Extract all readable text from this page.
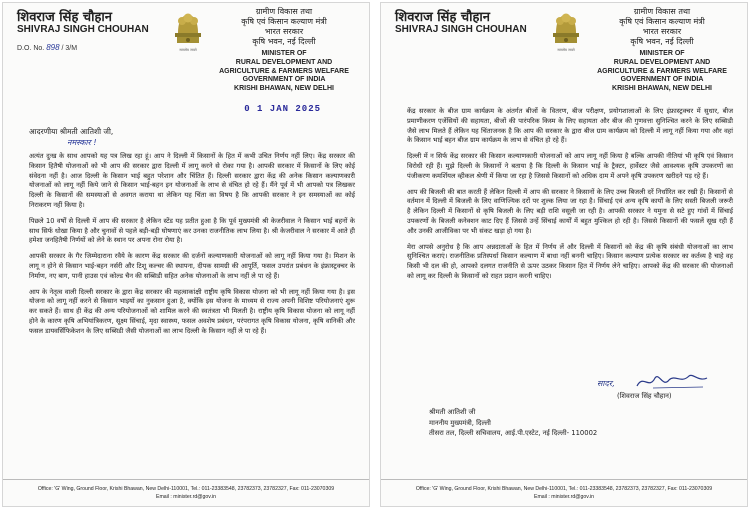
शिवराज सिंह चौहान
SHIVRAJ SINGH CHOUHAN
D.O. No. 898 / 3/M	सत्यमेव जयते
ग्रामीण विकास तथा
कृषि एवं किसान कल्याण मंत्री
भारत सरकार
कृषि भवन, नई दिल्ली
MINISTER OF
RURAL DEVELOPMENT AND
AGRICULTURE & FARMERS WELFARE
GOVERNMENT OF INDIA
KRISHI BHAWAN, NEW DELHI
0 1 JAN 2025
आदरणीया श्रीमती आतिशी जी,
नमस्कार !

अत्यंत दुःख के साथ आपको यह पत्र लिख रहा हूं। आप ने दिल्ली में किसानों के हित में कभी उचित निर्णय नहीं लिए। केंद्र सरकार की किसान हितैषी योजनाओं को भी आप की सरकार द्वारा दिल्ली में लागू करने से रोका गया है। आपकी सरकार में किसानों के लिए कोई संवेदना नहीं है। आज दिल्ली के किसान भाई बहुत परेशान और चिंतित हैं। दिल्ली सरकार द्वारा केंद्र की अनेक किसान कल्याणकारी योजनाओं को लागू नहीं किये जाने से किसान भाई-बहन इन योजनाओं के लाभ से वंचित हो रहे हैं। मैंने पूर्व में भी आपको पत्र लिखकर दिल्ली के किसानों की समस्याओं से अवगत कराया था लेकिन यह चिंता का विषय है कि आपकी सरकार ने इन समस्याओं का कोई निराकरण नहीं किया है।

पिछले 10 वर्षों से दिल्ली में आप की सरकार है लेकिन स्टेंड यह प्रतीत हुआ है कि पूर्व मुख्यमंत्री श्री केजरीवाल ने किसान भाई बहनों के साथ सिर्फ धोखा किया है और चुनावों से पहले बड़ी-बड़ी घोषणाएं कर उनका राजनीतिक लाभ लिया है। श्री केजरीवाल ने सरकार में आते ही हमेशा जनहितैषी निर्णयों को लेने के स्थान पर अपना रोना रोया है।

आपकी सरकार के गैर जिम्मेदाराना रवैये के कारण केंद्र सरकार की दर्जनों कल्याणकारी योजनाओं को लागू नहीं किया गया है। मिशन के लागू न होने से किसान भाई-बहन नर्सरी और टिशू कल्चर की स्थापना, दीपक सामग्री की आपूर्ति, फसल उपरांत प्रबंधन के इंफ्रास्ट्रक्चर के निर्माण, नए बाग, पानी हाउस एवं कोल्ड चैन की सब्सिडी सहित अनेक योजनाओं के लाभ नहीं ले पा रहे हैं।

आप के नेतृत्व वाली दिल्ली सरकार के द्वारा केंद्र सरकार की महत्वाकांक्षी राष्ट्रीय कृषि विकास योजना को भी लागू नहीं किया गया है। इस योजना को लागू नहीं करने से किसान भाइयों का नुकसान हुआ है, क्योंकि इस योजना के माध्यम से राज्य अपनी विशिष्ट परियोजनाएं शुरू कर सकते हैं। साथ ही केंद्र की अन्य परियोजनाओं को शामिल करने की स्वतंत्रता भी मिलती है। राष्ट्रीय कृषि विकास योजना को लागू नहीं होने के कारण कृषि अभियांत्रिकरण, सूक्ष्म सिंचाई, मृदा स्वास्थ्य, फसल अवशेष प्रबंधन, परंपरागत कृषि विकास योजना, कृषि वानिकी और फसल डायवर्सिफिकेशन के लिए सब्सिडी जैसी योजनाओं का लाभ दिल्ली के किसान नहीं ले पा रहे हैं।

Office: 'G' Wing, Ground Floor, Krishi Bhawan, New Delhi-110001, Tel.: 011-23383548, 23782373, 23782327, Fax: 011-23070309
Email : minister.rd@gov.in
शिवराज सिंह चौहान
SHIVRAJ SINGH CHOUHAN
सत्यमेव जयते
ग्रामीण विकास तथा
कृषि एवं किसान कल्याण मंत्री
भारत सरकार
कृषि भवन, नई दिल्ली
MINISTER OF
RURAL DEVELOPMENT AND
AGRICULTURE & FARMERS WELFARE
GOVERNMENT OF INDIA
KRISHI BHAWAN, NEW DELHI

केंद्र सरकार के बीज ग्राम कार्यक्रम के अंतर्गत बीजों के वितरण, बीज परीक्षण, प्रयोगशालाओं के लिए इंफ्रास्ट्रक्चर में सुधार, बीज प्रमाणीकरण एजेंसियों की सहायता, बीजों की पारंपरिक किस्म के लिए सहायता और बीज की गुणवत्ता सुनिश्चित करने के लिए सब्सिडी जैसे लाभ मिलते हैं लेकिन यह चिंताजनक है कि आप की सरकार के द्वारा बीज ग्राम कार्यक्रम को दिल्ली में लागू नहीं किया गया और वहां के किसान भाई बहन बीज ग्राम कार्यक्रम के लाभ से वंचित हो रहे हैं।

दिल्ली में न सिर्फ केंद्र सरकार की किसान कल्याणकारी योजनाओं को आप लागू नहीं किया है बल्कि आपकी नीतियां भी कृषि एवं किसान विरोधी रही हैं। मुझे दिल्ली के किसानों ने बताया है कि दिल्ली के किसान भाई के ट्रैक्टर, हार्वेस्टर जैसे आवश्यक कृषि उपकरणों का पंजीकरण कमर्शियल व्हीकल श्रेणी में किया जा रहा है जिससे किसानों को अधिक दाम में अपने कृषि उपकरण खरीदने पड़ रहे हैं।

आप की बिजली की बात करती हैं लेकिन दिल्ली में आप की सरकार ने किसानों के लिए उच्च बिजली दरें निर्धारित कर रखी हैं। किसानों से वर्तमान में दिल्ली में बिजली के लिए वाणिज्यिक दरों पर शुल्क लिया जा रहा है। सिंचाई एवं अन्य कृषि कार्यों के लिए सस्ती बिजली जरूरी है लेकिन दिल्ली में किसानों से कृषि बिजली के लिए बड़ी राशि वसूली जा रही है। आपकी सरकार ने यमुना से सटे हुए गांवों में सिंचाई उपकरणों के बिजली कनेक्शन काट दिए हैं जिससे उन्हें सिंचाई कार्यों में बहुत मुश्किल हो रही है। जिससे किसानों की फसलें सूख रही हैं और उनकी आजीविका पर भी संकट खड़ा हो गया है।

मेरा आपसे अनुरोध है कि आप अन्नदाताओं के हित में निर्णय लें और दिल्ली में किसानों को केंद्र की कृषि संबंधी योजनाओं का लाभ सुनिश्चित कराएं। राजनीतिक प्रतिस्पर्धा किसान कल्याण में बाधा नहीं बननी चाहिए। किसान कल्याण प्रत्येक सरकार का कर्तव्य है चाहे वह किसी भी दल की हो, आपको दलगत राजनीति से ऊपर उठकर किसान हित में निर्णय लेने चाहिए। आपको केंद्र की सरकार की योजनाओं को लागू कर दिल्ली के किसानों को राहत प्रदान करनी चाहिए।

सादर,
(शिवराज सिंह चौहान)
श्रीमती आतिशी जी
माननीय मुख्यमंत्री, दिल्ली
तीसरा तल, दिल्ली सचिवालय, आई.पी.एस्टेट, नई दिल्ली- 110002
Office: 'G' Wing, Ground Floor, Krishi Bhawan, New Delhi-110001, Tel.: 011-23383548, 23782373, 23782327, Fax: 011-23070309
Email : minister.rd@gov.in
